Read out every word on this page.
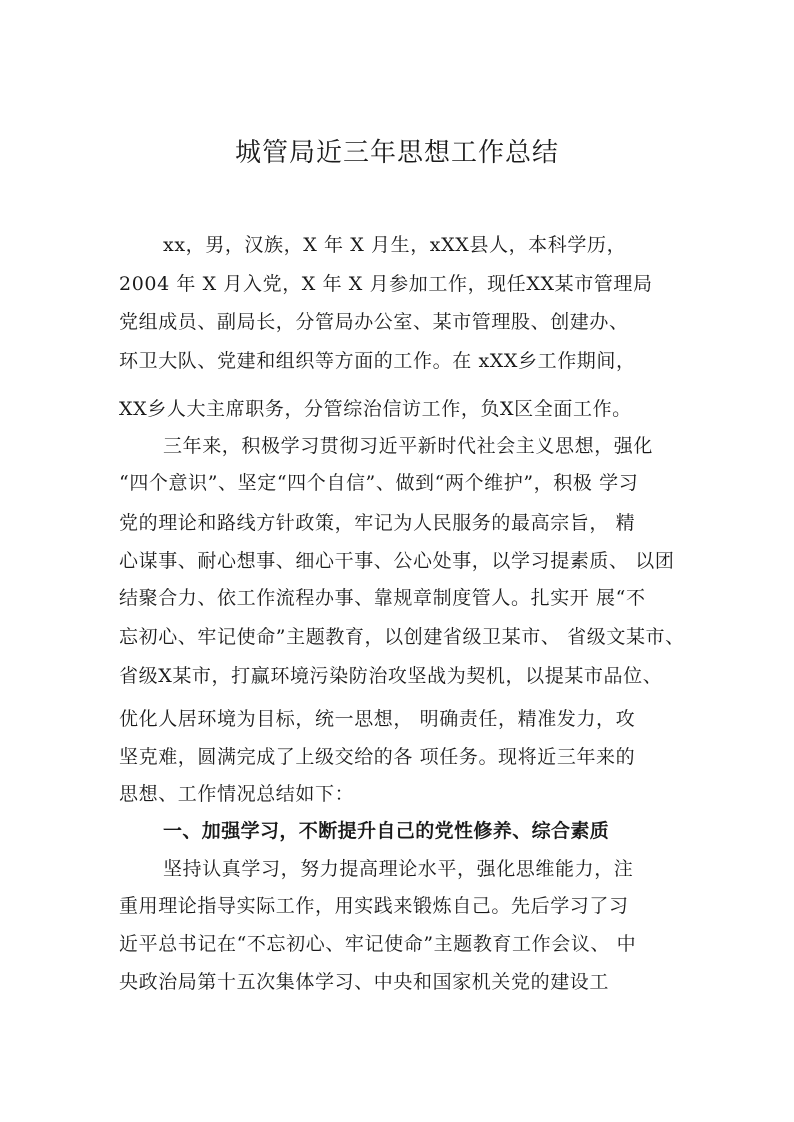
城管局近三年思想工作总结
xx，男，汉族，X 年 X 月生，xXX县人，本科学历，
2004 年 X 月入党，X 年 X 月参加工作，现任XX某市管理局
党组成员、副局长，分管局办公室、某市管理股、创建办、
环卫大队、党建和组织等方面的工作。在 xXX乡工作期间，
XX乡人大主席职务，分管综治信访工作，负X区全面工作。
三年来，积极学习贯彻习近平新时代社会主义思想，强化
“四个意识”、坚定“四个自信”、做到“两个维护”，积极 学习
党的理论和路线方针政策，牢记为人民服务的最高宗旨， 精
心谋事、耐心想事、细心干事、公心处事，以学习提素质、 以团
结聚合力、依工作流程办事、靠规章制度管人。扎实开 展“不
忘初心、牢记使命”主题教育，以创建省级卫某市、 省级文某市、
省级X某市，打赢环境污染防治攻坚战为契机，以提某市品位、
优化人居环境为目标，统一思想， 明确责任，精准发力，攻
坚克难，圆满完成了上级交给的各 项任务。现将近三年来的
思想、工作情况总结如下：
一、加强学习，不断提升自己的党性修养、综合素质
坚持认真学习，努力提高理论水平，强化思维能力，注
重用理论指导实际工作，用实践来锻炼自己。先后学习了习
近平总书记在“不忘初心、牢记使命”主题教育工作会议、 中
央政治局第十五次集体学习、中央和国家机关党的建设工
